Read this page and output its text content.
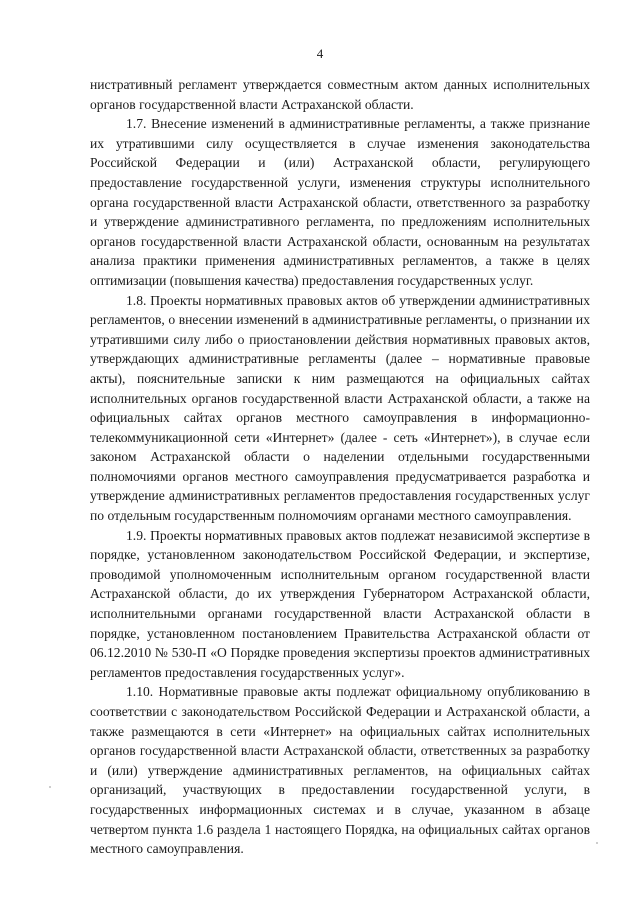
4

нистративный регламент утверждается совместным актом данных исполнительных органов государственной власти Астраханской области.

1.7. Внесение изменений в административные регламенты, а также признание их утратившими силу осуществляется в случае изменения законодательства Российской Федерации и (или) Астраханской области, регулирующего предоставление государственной услуги, изменения структуры исполнительного органа государственной власти Астраханской области, ответственного за разработку и утверждение административного регламента, по предложениям исполнительных органов государственной власти Астраханской области, основанным на результатах анализа практики применения административных регламентов, а также в целях оптимизации (повышения качества) предоставления государственных услуг.

1.8. Проекты нормативных правовых актов об утверждении административных регламентов, о внесении изменений в административные регламенты, о признании их утратившими силу либо о приостановлении действия нормативных правовых актов, утверждающих административные регламенты (далее – нормативные правовые акты), пояснительные записки к ним размещаются на официальных сайтах исполнительных органов государственной власти Астраханской области, а также на официальных сайтах органов местного самоуправления в информационно-телекоммуникационной сети «Интернет» (далее - сеть «Интернет»), в случае если законом Астраханской области о наделении отдельными государственными полномочиями органов местного самоуправления предусматривается разработка и утверждение административных регламентов предоставления государственных услуг по отдельным государственным полномочиям органами местного самоуправления.

1.9. Проекты нормативных правовых актов подлежат независимой экспертизе в порядке, установленном законодательством Российской Федерации, и экспертизе, проводимой уполномоченным исполнительным органом государственной власти Астраханской области, до их утверждения Губернатором Астраханской области, исполнительными органами государственной власти Астраханской области в порядке, установленном постановлением Правительства Астраханской области от 06.12.2010 № 530-П «О Порядке проведения экспертизы проектов административных регламентов предоставления государственных услуг».

1.10. Нормативные правовые акты подлежат официальному опубликованию в соответствии с законодательством Российской Федерации и Астраханской области, а также размещаются в сети «Интернет» на официальных сайтах исполнительных органов государственной власти Астраханской области, ответственных за разработку и (или) утверждение административных регламентов, на официальных сайтах организаций, участвующих в предоставлении государственной услуги, в государственных информационных системах и в случае, указанном в абзаце четвертом пункта 1.6 раздела 1 настоящего Порядка, на официальных сайтах органов местного самоуправления.
